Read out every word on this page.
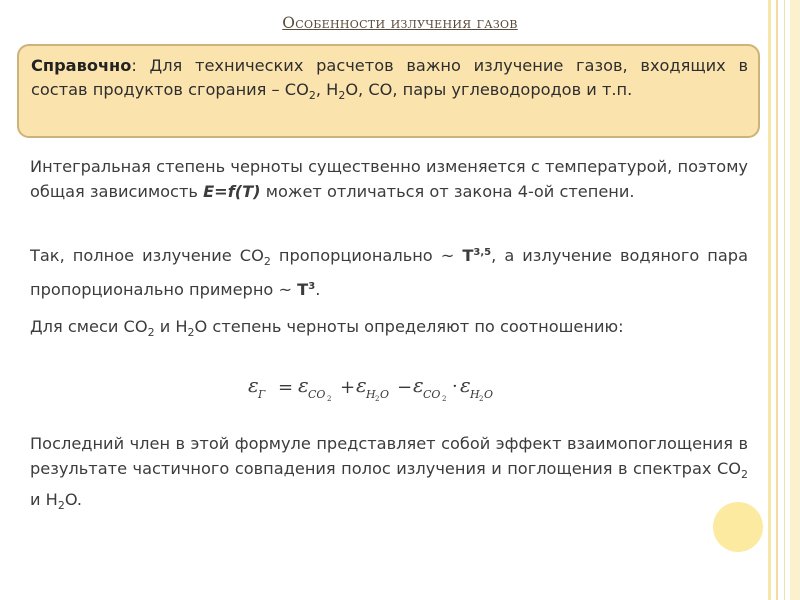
Особенности излучения газов
Справочно: Для технических расчетов важно излучение газов, входящих в состав продуктов сгорания – $CO_2$, $H_2O$, CO, пары углеводородов и т.п.
Интегральная степень черноты существенно изменяется с температурой, поэтому общая зависимость E=f(T) может отличаться от закона 4-ой степени.
Так, полное излучение $CO_2$ пропорционально ~ T$^{3,5}$, а излучение водяного пара пропорционально примерно ~ $T^3$.
Для смеси $CO_2$ и $H_2O$ степень черноты определяют по соотношению:
ε Г = ε CO 2
+ ε H 2 O − ε CO 2
· ε H 2 O
Последний член в этой формуле представляет собой эффект взаимопоглощения в результате частичного совпадения полос излучения и поглощения в спектрах $CO_2$ и $H_2O$.
